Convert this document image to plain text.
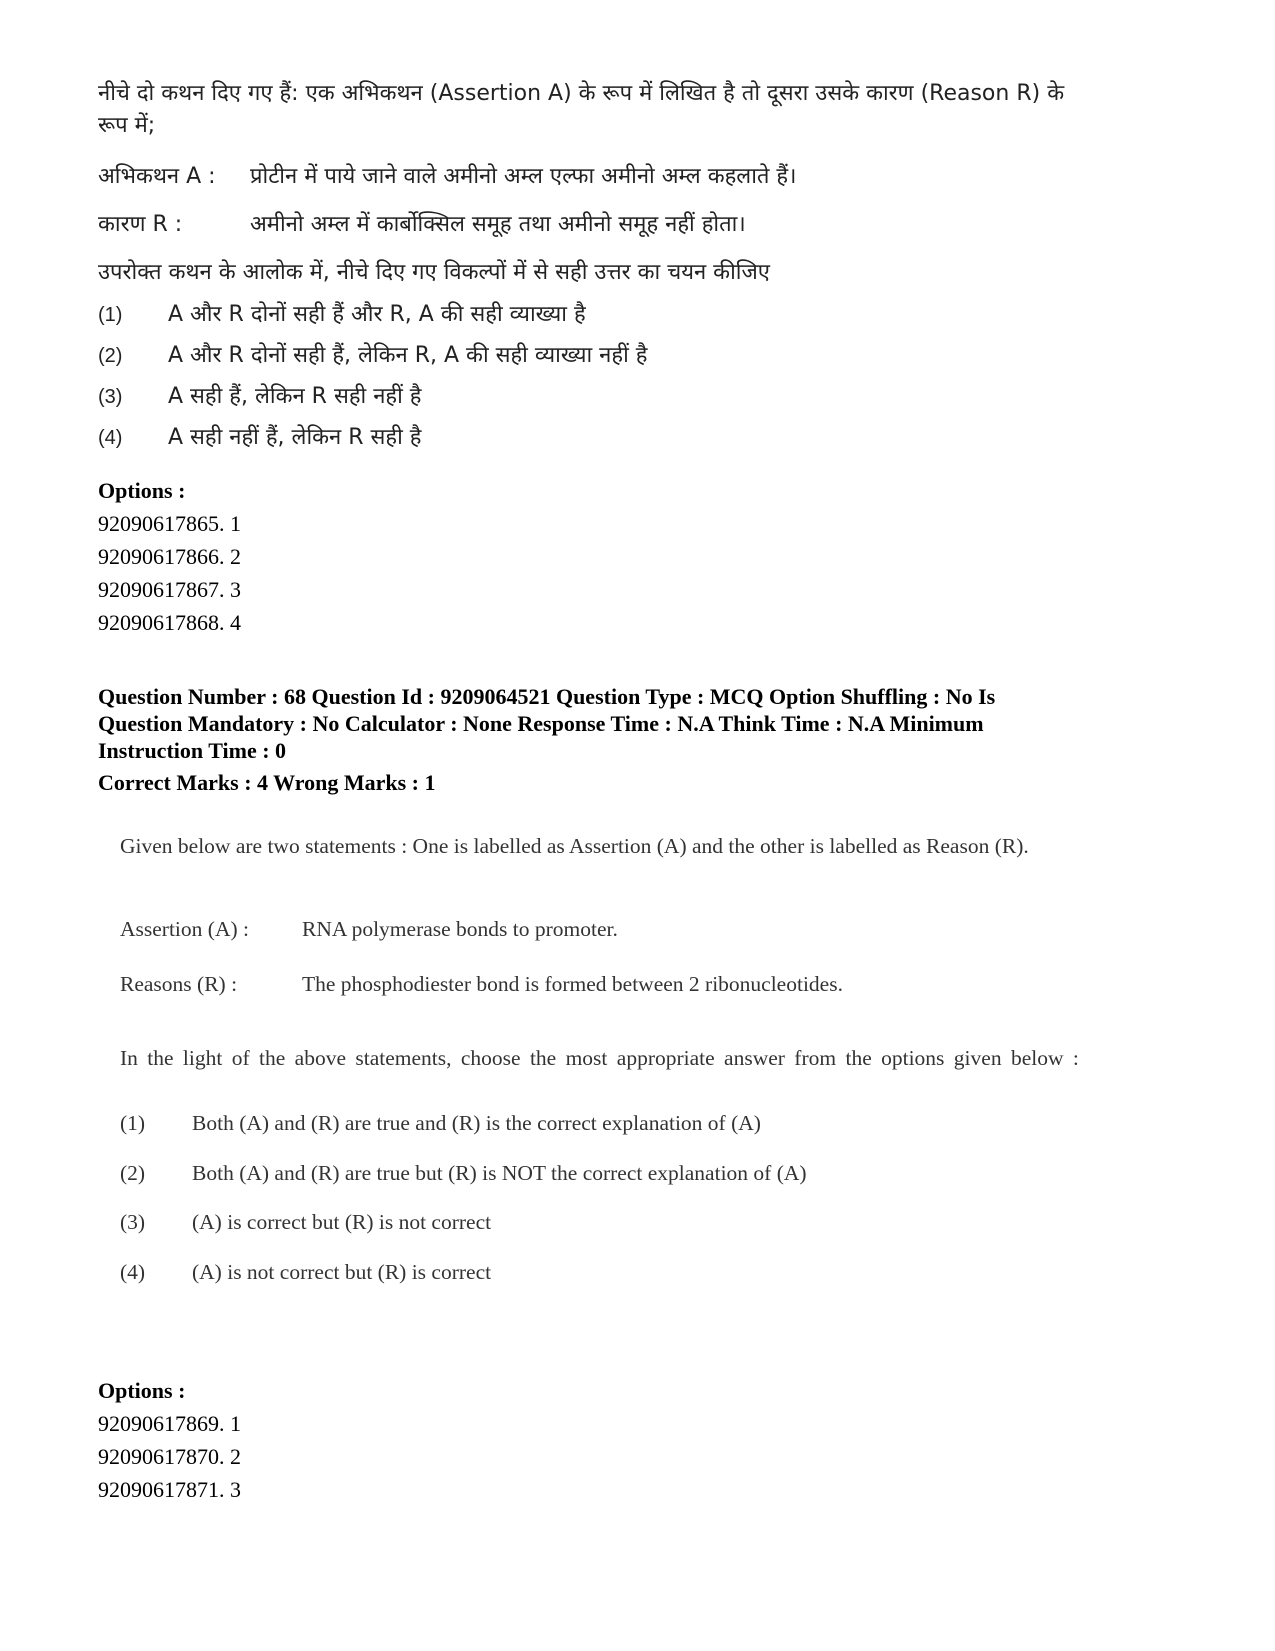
नीचे दो कथन दिए गए हैं: एक अभिकथन (Assertion A) के रूप में लिखित है तो दूसरा उसके कारण (Reason R) के रूप में;

अभिकथन A :	प्रोटीन में पाये जाने वाले अमीनो अम्ल एल्फा अमीनो अम्ल कहलाते हैं।
कारण R :	अमीनो अम्ल में कार्बोक्सिल समूह तथा अमीनो समूह नहीं होता।

उपरोक्त कथन के आलोक में, नीचे दिए गए विकल्पों में से सही उत्तर का चयन कीजिए

(1)	A और R दोनों सही हैं और R, A की सही व्याख्या है
(2)	A और R दोनों सही हैं, लेकिन R, A की सही व्याख्या नहीं है
(3)	A सही हैं, लेकिन R सही नहीं है
(4)	A सही नहीं हैं, लेकिन R सही है
Options :
92090617865. 1
92090617866. 2
92090617867. 3
92090617868. 4
Question Number : 68 Question Id : 9209064521 Question Type : MCQ Option Shuffling : No Is
Question Mandatory : No Calculator : None Response Time : N.A Think Time : N.A Minimum
Instruction Time : 0
Correct Marks : 4 Wrong Marks : 1

Given below are two statements : One is labelled as Assertion (A) and the other is labelled as Reason (R).

Assertion (A) :	RNA polymerase bonds to promoter.
Reasons (R) :	The phosphodiester bond is formed between 2 ribonucleotides.

In the light of the above statements, choose the most appropriate answer from the options given below :

(1)	Both (A) and (R) are true and (R) is the correct explanation of (A)
(2)	Both (A) and (R) are true but (R) is NOT the correct explanation of (A)
(3)	(A) is correct but (R) is not correct
(4)	(A) is not correct but (R) is correct
Options :
92090617869. 1
92090617870. 2
92090617871. 3
